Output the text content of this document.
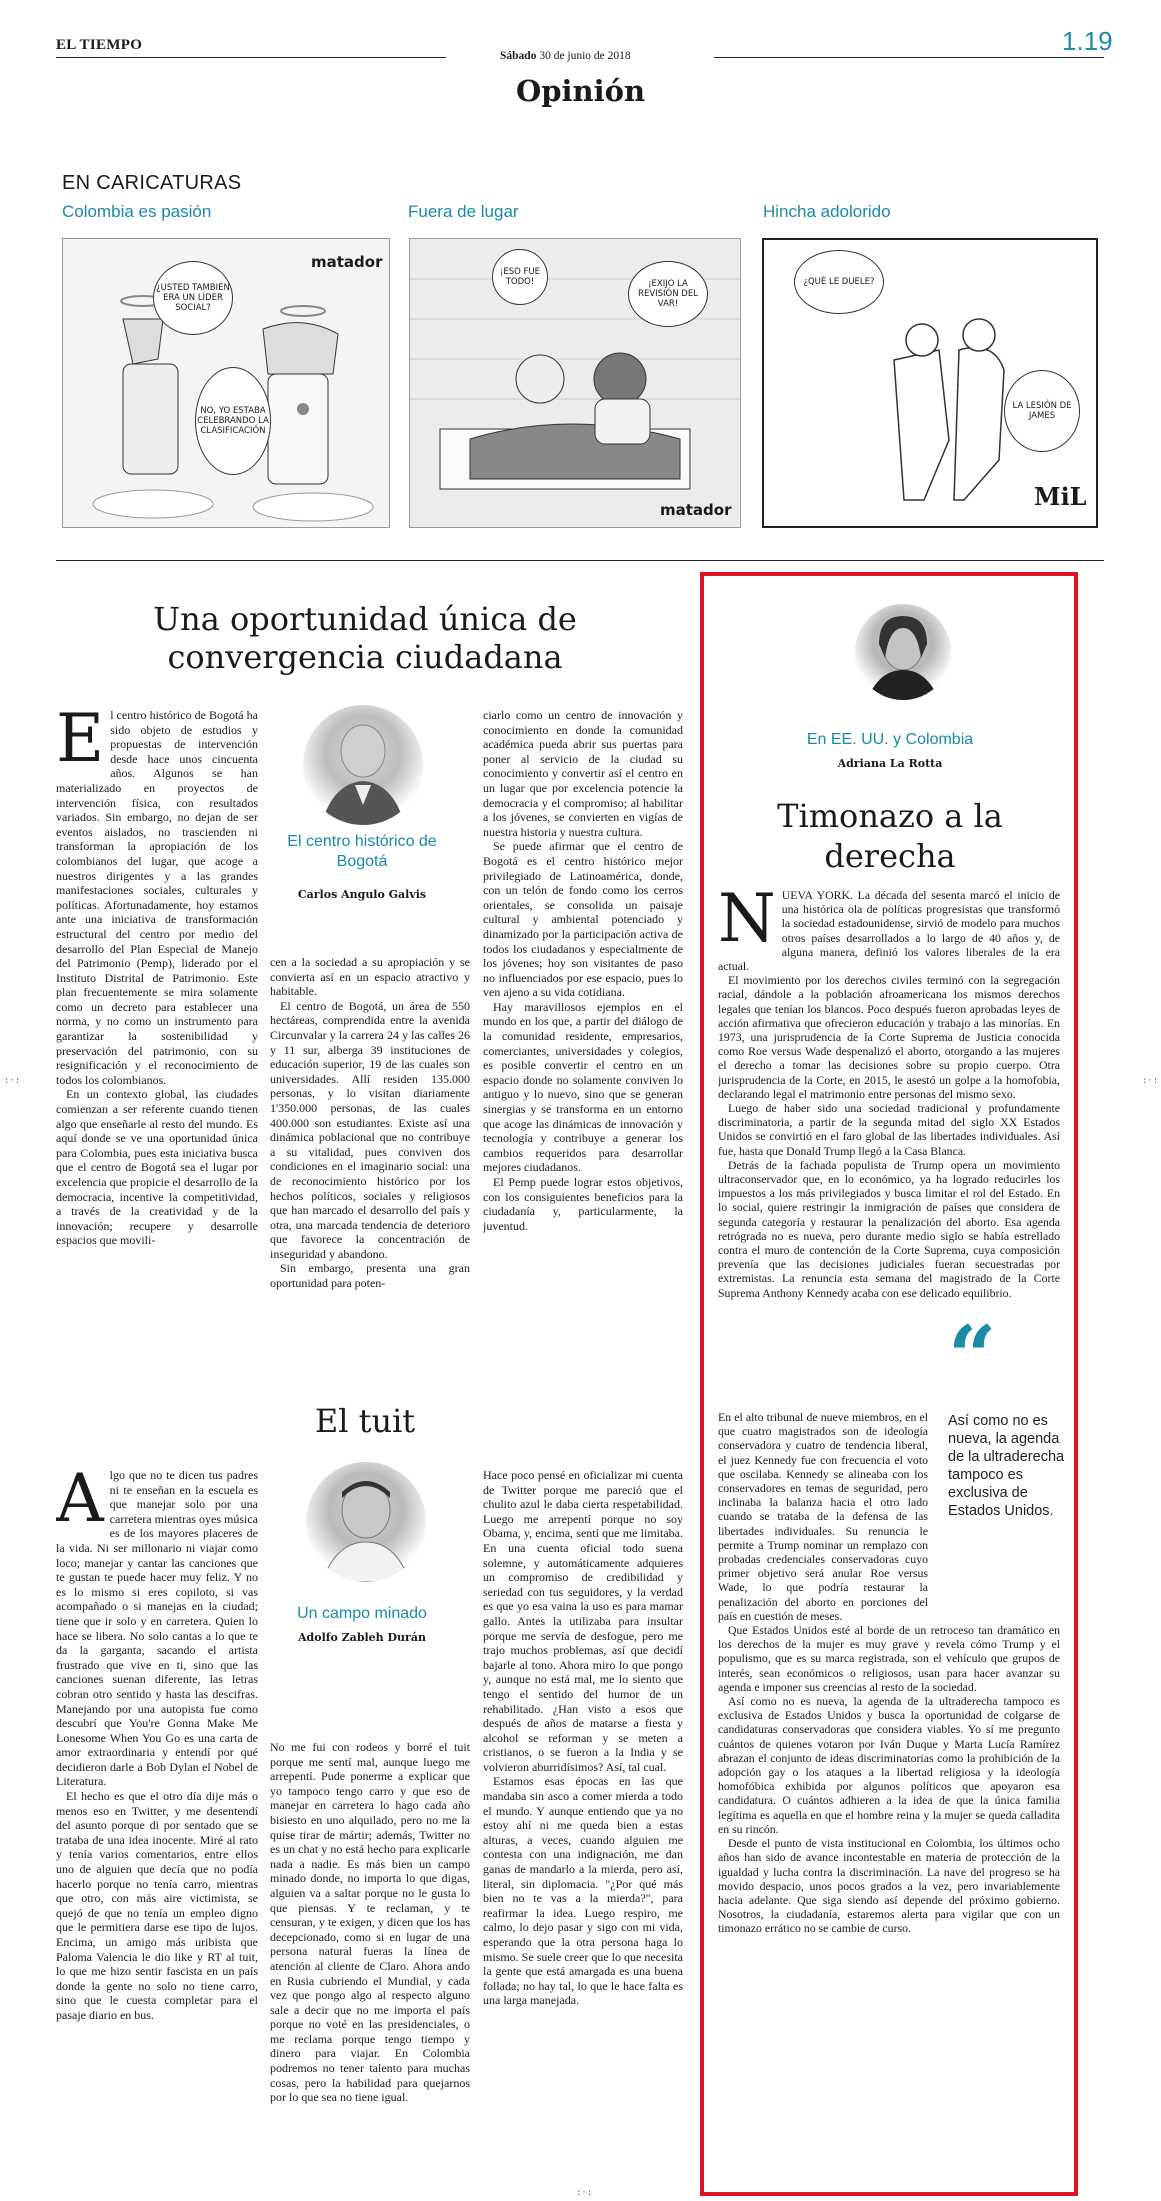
EL TIEMPO
Sábado 30 de junio de 2018	1.19
Opinión
EN CARICATURAS
Colombia es pasión	Fuera de lugar	Hincha adolorido
matador
¿USTED TAMBIÉN ERA UN LÍDER SOCIAL?
NO, YO ESTABA CELEBRANDO LA CLASIFICACIÓN
matador
¡ESO FUE TODO!	¡EXIJO LA REVISIÓN DEL VAR!
MiL
¿QUÉ LE DUELE?
LA LESIÓN DE JAMES
Una oportunidad única de convergencia ciudadana
El centro histórico de Bogotá
Carlos Angulo Galvis

El centro histórico de Bogotá ha sido objeto de estudios y propuestas de intervención desde hace unos cincuenta años. Algunos se han materializado en proyectos de intervención física, con resultados variados. Sin embargo, no dejan de ser eventos aislados, no trascienden ni transforman la apropiación de los colombianos del lugar, que acoge a nuestros dirigentes y a las grandes manifestaciones sociales, culturales y políticas. Afortunadamente, hoy estamos ante una iniciativa de transformación estructural del centro por medio del desarrollo del Plan Especial de Manejo del Patrimonio (Pemp), liderado por el Instituto Distrital de Patrimonio. Este plan frecuentemente se mira solamente como un decreto para establecer una norma, y no como un instrumento para garantizar la sostenibilidad y preservación del patrimonio, con su resignificación y el reconocimiento de todos los colombianos.

En un contexto global, las ciudades comienzan a ser referente cuando tienen algo que enseñarle al resto del mundo. Es aquí donde se ve una oportunidad única para Colombia, pues esta iniciativa busca que el centro de Bogotá sea el lugar por excelencia que propicie el desarrollo de la democracia, incentive la competitividad, a través de la creatividad y de la innovación; recupere y desarrolle espacios que movili-

cen a la sociedad a su apropiación y se convierta así en un espacio atractivo y habitable.

El centro de Bogotá, un área de 550 hectáreas, comprendida entre la avenida Circunvalar y la carrera 24 y las calles 26 y 11 sur, alberga 39 instituciones de educación superior, 19 de las cuales son universidades. Allí residen 135.000 personas, y lo visitan diariamente 1'350.000 personas, de las cuales 400.000 son estudiantes. Existe así una dinámica poblacional que no contribuye a su vitalidad, pues conviven dos condiciones en el imaginario social: una de reconocimiento histórico por los hechos políticos, sociales y religiosos que han marcado el desarrollo del país y otra, una marcada tendencia de deterioro que favorece la concentración de inseguridad y abandono.

Sin embargo, presenta una gran oportunidad para poten-

ciarlo como un centro de innovación y conocimiento en donde la comunidad académica pueda abrir sus puertas para poner al servicio de la ciudad su conocimiento y convertir así el centro en un lugar que por excelencia potencie la democracia y el compromiso; al habilitar a los jóvenes, se convierten en vigías de nuestra historia y nuestra cultura.

Se puede afirmar que el centro de Bogotá es el centro histórico mejor privilegiado de Latinoamérica, donde, con un telón de fondo como los cerros orientales, se consolida un paisaje cultural y ambiental potenciado y dinamizado por la participación activa de todos los ciudadanos y especialmente de los jóvenes; hoy son visitantes de paso no influenciados por ese espacio, pues lo ven ajeno a su vida cotidiana.

Hay maravillosos ejemplos en el mundo en los que, a partir del diálogo de la comunidad residente, empresarios, comerciantes, universidades y colegios, es posible convertir el centro en un espacio donde no solamente conviven lo antiguo y lo nuevo, sino que se generan sinergias y se transforma en un entorno que acoge las dinámicas de innovación y tecnología y contribuye a generar los cambios requeridos para desarrollar mejores ciudadanos.

El Pemp puede lograr estos objetivos, con los consiguientes beneficios para la ciudadanía y, particularmente, la juventud.

El tuit
Un campo minado
Adolfo Zableh Durán

Algo que no te dicen tus padres ni te enseñan en la escuela es que manejar solo por una carretera mientras oyes música es de los mayores placeres de la vida. Ni ser millonario ni viajar como loco; manejar y cantar las canciones que te gustan te puede hacer muy feliz. Y no es lo mismo si eres copiloto, si vas acompañado o si manejas en la ciudad; tiene que ir solo y en carretera. Quien lo hace se libera. No solo cantas a lo que te da la garganta, sacando el artista frustrado que vive en ti, sino que las canciones suenan diferente, las letras cobran otro sentido y hasta las descifras. Manejando por una autopista fue como descubrí que You're Gonna Make Me Lonesome When You Go es una carta de amor extraordinaria y entendí por qué decidieron darle a Bob Dylan el Nobel de Literatura.

El hecho es que el otro día dije más o menos eso en Twitter, y me desentendí del asunto porque di por sentado que se trataba de una idea inocente. Miré al rato y tenía varios comentarios, entre ellos uno de alguien que decía que no podía hacerlo porque no tenía carro, mientras que otro, con más aire victimista, se quejó de que no tenía un empleo digno que le permitiera darse ese tipo de lujos. Encima, un amigo más uribista que Paloma Valencia le dio like y RT al tuit, lo que me hizo sentir fascista en un país donde la gente no solo no tiene carro, sino que le cuesta completar para el pasaje diario en bus.

No me fui con rodeos y borré el tuit porque me sentí mal, aunque luego me arrepentí. Pude ponerme a explicar que yo tampoco tengo carro y que eso de manejar en carretera lo hago cada año bisiesto en uno alquilado, pero no me la quise tirar de mártir; además, Twitter no es un chat y no está hecho para explicarle nada a nadie. Es más bien un campo minado donde, no importa lo que digas, alguien va a saltar porque no le gusta lo que piensas. Y te reclaman, y te censuran, y te exigen, y dicen que los has decepcionado, como si en lugar de una persona natural fueras la línea de atención al cliente de Claro. Ahora ando en Rusia cubriendo el Mundial, y cada vez que pongo algo al respecto alguno sale a decir que no me importa el país porque no voté en las presidenciales, o me reclama porque tengo tiempo y dinero para viajar. En Colombia podremos no tener talento para muchas cosas, pero la habilidad para quejarnos por lo que sea no tiene igual.

Hace poco pensé en oficializar mi cuenta de Twitter porque me pareció que el chulito azul le daba cierta respetabilidad. Luego me arrepentí porque no soy Obama, y, encima, sentí que me limitaba. En una cuenta oficial todo suena solemne, y automáticamente adquieres un compromiso de credibilidad y seriedad con tus seguidores, y la verdad es que yo esa vaina la uso es para mamar gallo. Antes la utilizaba para insultar porque me servía de desfogue, pero me trajo muchos problemas, así que decidí bajarle al tono. Ahora miro lo que pongo y, aunque no está mal, me lo siento que tengo el sentido del humor de un rehabilitado. ¿Han visto a esos que después de años de matarse a fiesta y alcohol se reforman y se meten a cristianos, o se fueron a la India y se volvieron aburridísimos? Así, tal cual.

Estamos esas épocas en las que mandaba sin asco a comer mierda a todo el mundo. Y aunque entiendo que ya no estoy ahí ni me queda bien a estas alturas, a veces, cuando alguien me contesta con una indignación, me dan ganas de mandarlo a la mierda, pero así, literal, sin diplomacia. "¿Por qué más bien no te vas a la mierda?", para reafirmar la idea. Luego respiro, me calmo, lo dejo pasar y sigo con mi vida, esperando que la otra persona haga lo mismo. Se suele creer que lo que necesita la gente que está amargada es una buena follada; no hay tal, lo que le hace falta es una larga manejada.

En EE. UU. y Colombia
Adriana La Rotta
Timonazo a la derecha

NUEVA YORK. La década del sesenta marcó el inicio de una histórica ola de políticas progresistas que transformó la sociedad estadounidense, sirvió de modelo para muchos otros países desarrollados a lo largo de 40 años y, de alguna manera, definió los valores liberales de la era actual.

El movimiento por los derechos civiles terminó con la segregación racial, dándole a la población afroamericana los mismos derechos legales que tenían los blancos. Poco después fueron aprobadas leyes de acción afirmativa que ofrecieron educación y trabajo a las minorías. En 1973, una jurisprudencia de la Corte Suprema de Justicia conocida como Roe versus Wade despenalizó el aborto, otorgando a las mujeres el derecho a tomar las decisiones sobre su propio cuerpo. Otra jurisprudencia de la Corte, en 2015, le asestó un golpe a la homofobia, declarando legal el matrimonio entre personas del mismo sexo.

Luego de haber sido una sociedad tradicional y profundamente discriminatoria, a partir de la segunda mitad del siglo XX Estados Unidos se convirtió en el faro global de las libertades individuales. Así fue, hasta que Donald Trump llegó a la Casa Blanca.

Detrás de la fachada populista de Trump opera un movimiento ultraconservador que, en lo económico, ya ha logrado reducirles los impuestos a los más privilegiados y busca limitar el rol del Estado. En lo social, quiere restringir la inmigración de países que considera de segunda categoría y restaurar la penalización del aborto. Esa agenda retrógrada no es nueva, pero durante medio siglo se había estrellado contra el muro de contención de la Corte Suprema, cuya composición prevenía que las decisiones judiciales fueran secuestradas por extremistas. La renuncia esta semana del magistrado de la Corte Suprema Anthony Kennedy acaba con ese delicado equilibrio.

“
Así como no es nueva, la agenda de la ultraderecha tampoco es exclusiva de Estados Unidos.

En el alto tribunal de nueve miembros, en el que cuatro magistrados son de ideología conservadora y cuatro de tendencia liberal, el juez Kennedy fue con frecuencia el voto que oscilaba. Kennedy se alineaba con los conservadores en temas de seguridad, pero inclinaba la balanza hacia el otro lado cuando se trataba de la defensa de las libertades individuales. Su renuncia le permite a Trump nominar un remplazo con probadas credenciales conservadoras cuyo primer objetivo será anular Roe versus Wade, lo que podría restaurar la penalización del aborto en porciones del país en cuestión de meses.

Que Estados Unidos esté al borde de un retroceso tan dramático en los derechos de la mujer es muy grave y revela cómo Trump y el populismo, que es su marca registrada, son el vehículo que grupos de interés, sean económicos o religiosos, usan para hacer avanzar su agenda e imponer sus creencias al resto de la sociedad.

Así como no es nueva, la agenda de la ultraderecha tampoco es exclusiva de Estados Unidos y busca la oportunidad de colgarse de candidaturas conservadoras que considera viables. Yo sí me pregunto cuántos de quienes votaron por Iván Duque y Marta Lucía Ramírez abrazan el conjunto de ideas discriminatorias como la prohibición de la adopción gay o los ataques a la libertad religiosa y la ideología homofóbica exhibida por algunos políticos que apoyaron esa candidatura. O cuántos adhieren a la idea de que la única familia legítima es aquella en que el hombre reina y la mujer se queda calladita en su rincón.

Desde el punto de vista institucional en Colombia, los últimos ocho años han sido de avance incontestable en materia de protección de la igualdad y lucha contra la discriminación. La nave del progreso se ha movido despacio, unos pocos grados a la vez, pero invariablemente hacia adelante. Que siga siendo así depende del próximo gobierno. Nosotros, la ciudadanía, estaremos alerta para vigilar que con un timonazo errático no se cambie de curso.

:·:	:·:
:·:
